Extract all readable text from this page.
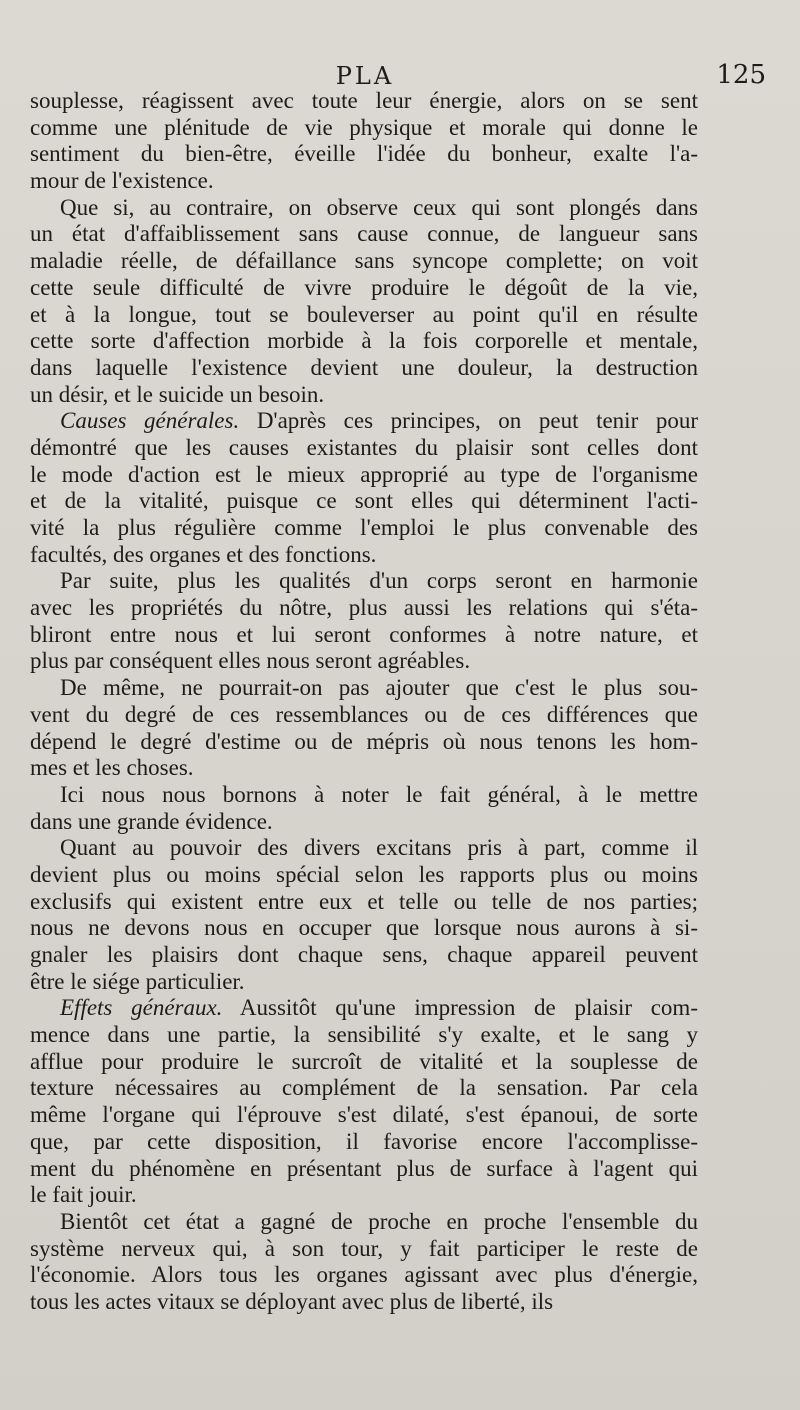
PLA	125
souplesse, réagissent avec toute leur énergie, alors on se sent
comme une plénitude de vie physique et morale qui donne le
sentiment du bien-être, éveille l'idée du bonheur, exalte l'a-
mour de l'existence.
Que si, au contraire, on observe ceux qui sont plongés dans
un état d'affaiblissement sans cause connue, de langueur sans
maladie réelle, de défaillance sans syncope complette; on voit
cette seule difficulté de vivre produire le dégoût de la vie,
et à la longue, tout se bouleverser au point qu'il en résulte
cette sorte d'affection morbide à la fois corporelle et mentale,
dans laquelle l'existence devient une douleur, la destruction
un désir, et le suicide un besoin.
Causes générales. D'après ces principes, on peut tenir pour
démontré que les causes existantes du plaisir sont celles dont
le mode d'action est le mieux approprié au type de l'organisme
et de la vitalité, puisque ce sont elles qui déterminent l'acti-
vité la plus régulière comme l'emploi le plus convenable des
facultés, des organes et des fonctions.
Par suite, plus les qualités d'un corps seront en harmonie
avec les propriétés du nôtre, plus aussi les relations qui s'éta-
bliront entre nous et lui seront conformes à notre nature, et
plus par conséquent elles nous seront agréables.
De même, ne pourrait-on pas ajouter que c'est le plus sou-
vent du degré de ces ressemblances ou de ces différences que
dépend le degré d'estime ou de mépris où nous tenons les hom-
mes et les choses.
Ici nous nous bornons à noter le fait général, à le mettre
dans une grande évidence.
Quant au pouvoir des divers excitans pris à part, comme il
devient plus ou moins spécial selon les rapports plus ou moins
exclusifs qui existent entre eux et telle ou telle de nos parties;
nous ne devons nous en occuper que lorsque nous aurons à si-
gnaler les plaisirs dont chaque sens, chaque appareil peuvent
être le siége particulier.
Effets généraux. Aussitôt qu'une impression de plaisir com-
mence dans une partie, la sensibilité s'y exalte, et le sang y
afflue pour produire le surcroît de vitalité et la souplesse de
texture nécessaires au complément de la sensation. Par cela
même l'organe qui l'éprouve s'est dilaté, s'est épanoui, de sorte
que, par cette disposition, il favorise encore l'accomplisse-
ment du phénomène en présentant plus de surface à l'agent qui
le fait jouir.
Bientôt cet état a gagné de proche en proche l'ensemble du
système nerveux qui, à son tour, y fait participer le reste de
l'économie. Alors tous les organes agissant avec plus d'énergie,
tous les actes vitaux se déployant avec plus de liberté, ils
